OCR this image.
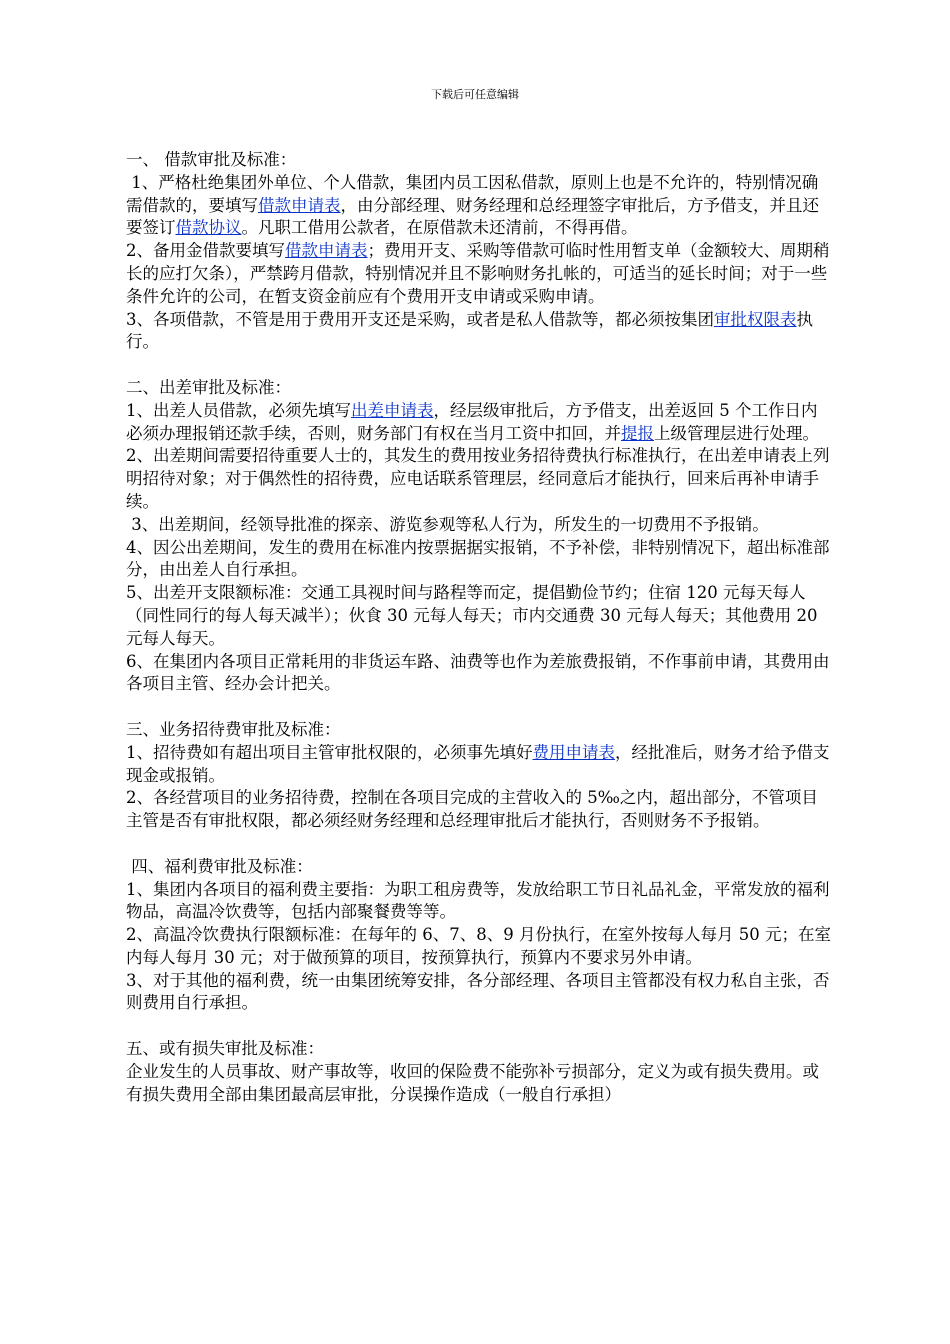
下载后可任意编辑

一、 借款审批及标准：

1、严格杜绝集团外单位、个人借款，集团内员工因私借款，原则上也是不允许的，特别情况确需借款的，要填写借款申请表，由分部经理、财务经理和总经理签字审批后，方予借支，并且还要签订借款协议。凡职工借用公款者，在原借款未还清前，不得再借。

2、备用金借款要填写借款申请表；费用开支、采购等借款可临时性用暂支单（金额较大、周期稍长的应打欠条），严禁跨月借款，特别情况并且不影响财务扎帐的，可适当的延长时间；对于一些条件允许的公司，在暂支资金前应有个费用开支申请或采购申请。

3、各项借款，不管是用于费用开支还是采购，或者是私人借款等，都必须按集团审批权限表执行。

二、出差审批及标准：

1、出差人员借款，必须先填写出差申请表，经层级审批后，方予借支，出差返回 5 个工作日内必须办理报销还款手续，否则，财务部门有权在当月工资中扣回，并提报上级管理层进行处理。

2、出差期间需要招待重要人士的，其发生的费用按业务招待费执行标准执行，在出差申请表上列明招待对象；对于偶然性的招待费，应电话联系管理层，经同意后才能执行，回来后再补申请手续。

3、出差期间，经领导批准的探亲、游览参观等私人行为，所发生的一切费用不予报销。

4、因公出差期间，发生的费用在标准内按票据据实报销，不予补偿，非特别情况下，超出标准部分，由出差人自行承担。

5、出差开支限额标准：交通工具视时间与路程等而定，提倡勤俭节约；住宿 120 元每天每人（同性同行的每人每天减半）；伙食 30 元每人每天；市内交通费 30 元每人每天；其他费用 20 元每人每天。

6、在集团内各项目正常耗用的非货运车路、油费等也作为差旅费报销，不作事前申请，其费用由各项目主管、经办会计把关。

三、业务招待费审批及标准：

1、招待费如有超出项目主管审批权限的，必须事先填好费用申请表，经批准后，财务才给予借支现金或报销。

2、各经营项目的业务招待费，控制在各项目完成的主营收入的 5‰之内，超出部分，不管项目主管是否有审批权限，都必须经财务经理和总经理审批后才能执行，否则财务不予报销。

四、福利费审批及标准：

1、集团内各项目的福利费主要指：为职工租房费等，发放给职工节日礼品礼金，平常发放的福利物品，高温冷饮费等，包括内部聚餐费等等。

2、高温冷饮费执行限额标准：在每年的 6、7、8、9 月份执行，在室外按每人每月 50 元；在室内每人每月 30 元；对于做预算的项目，按预算执行，预算内不要求另外申请。

3、对于其他的福利费，统一由集团统筹安排，各分部经理、各项目主管都没有权力私自主张，否则费用自行承担。

五、或有损失审批及标准：

企业发生的人员事故、财产事故等，收回的保险费不能弥补亏损部分，定义为或有损失费用。或有损失费用全部由集团最高层审批，分误操作造成（一般自行承担）
